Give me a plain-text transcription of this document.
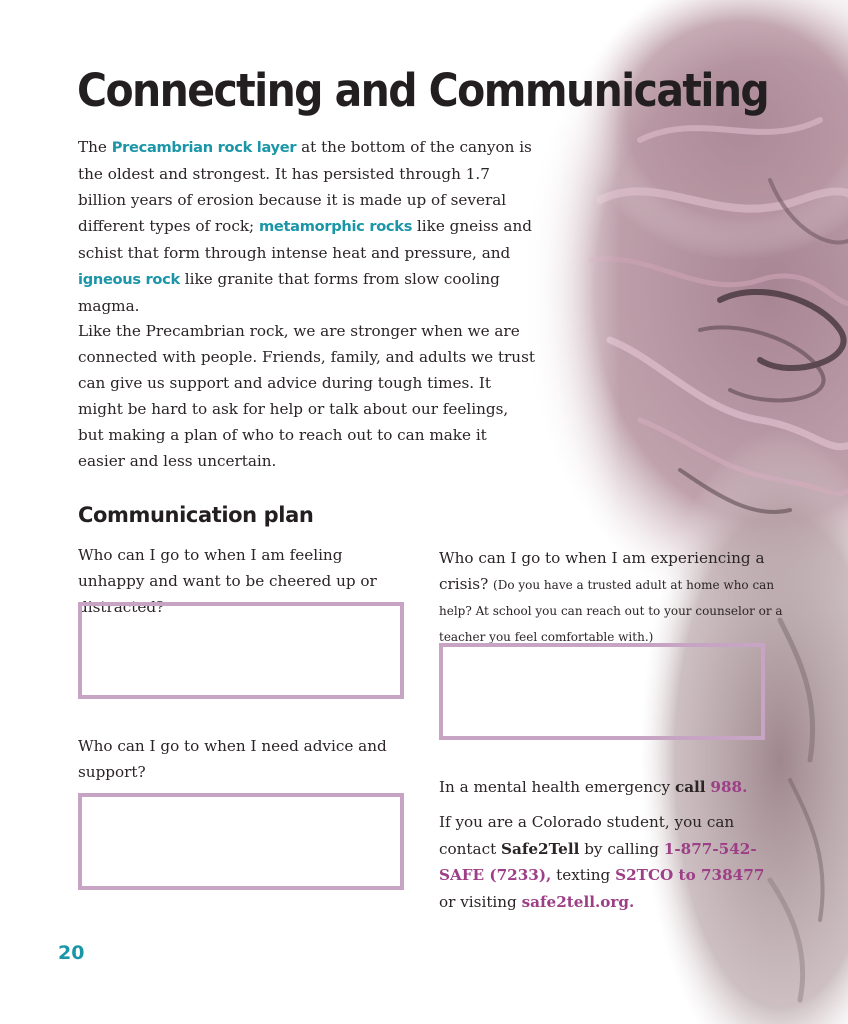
Connecting and Communicating

The Precambrian rock layer at the bottom of the canyon is the oldest and strongest. It has persisted through 1.7 billion years of erosion because it is made up of several different types of rock; metamorphic rocks like gneiss and schist that form through intense heat and pressure, and igneous rock like granite that forms from slow cooling magma.

Like the Precambrian rock, we are stronger when we are connected with people. Friends, family, and adults we trust can give us support and advice during tough times. It might be hard to ask for help or talk about our feelings, but making a plan of who to reach out to can make it easier and less uncertain.

Communication plan

Who can I go to when I am feeling unhappy and want to be cheered up or distracted?

Who can I go to when I am experiencing a crisis? (Do you have a trusted adult at home who can help? At school you can reach out to your counselor or a teacher you feel comfortable with.)

Who can I go to when I need advice and support?

In a mental health emergency call 988.

If you are a Colorado student, you can contact Safe2Tell by calling 1-877-542-SAFE (7233), texting S2TCO to 738477 or visiting safe2tell.org.

20
